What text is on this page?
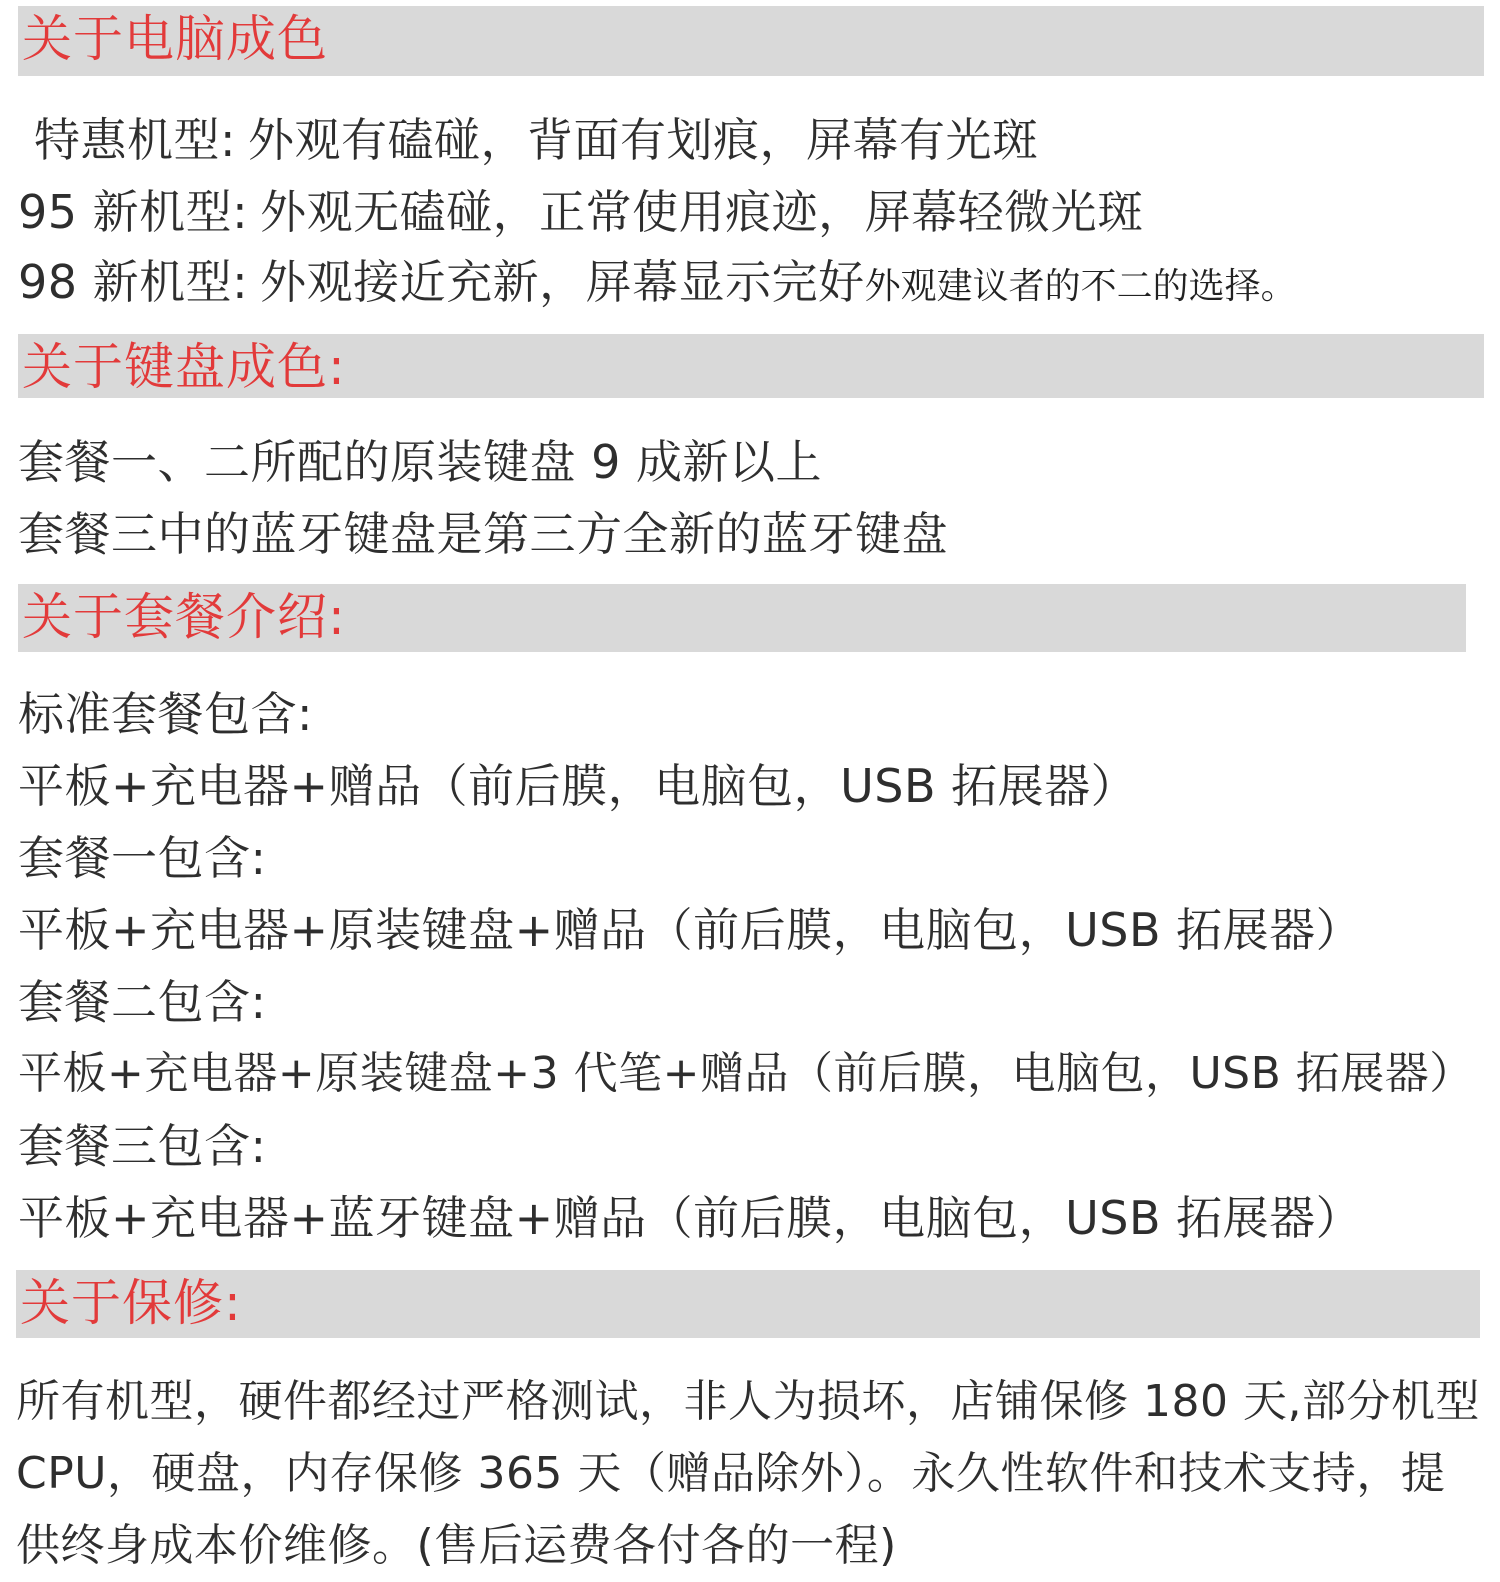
关于电脑成色
特惠机型: 外观有磕碰，背面有划痕，屏幕有光斑
95 新机型: 外观无磕碰，正常使用痕迹，屏幕轻微光斑
98 新机型: 外观接近充新，屏幕显示完好外观建议者的不二的选择。
关于键盘成色:
套餐一、二所配的原装键盘 9 成新以上
套餐三中的蓝牙键盘是第三方全新的蓝牙键盘
关于套餐介绍:
标准套餐包含:
平板+充电器+赠品（前后膜，电脑包，USB 拓展器）
套餐一包含:
平板+充电器+原装键盘+赠品（前后膜，电脑包，USB 拓展器）
套餐二包含:
平板+充电器+原装键盘+3 代笔+赠品（前后膜，电脑包，USB 拓展器）
套餐三包含:
平板+充电器+蓝牙键盘+赠品（前后膜，电脑包，USB 拓展器）
关于保修:
所有机型，硬件都经过严格测试，非人为损坏，店铺保修 180 天,部分机型 CPU，硬盘，内存保修 365 天（赠品除外）。永久性软件和技术支持，提供终身成本价维修。(售后运费各付各的一程)
